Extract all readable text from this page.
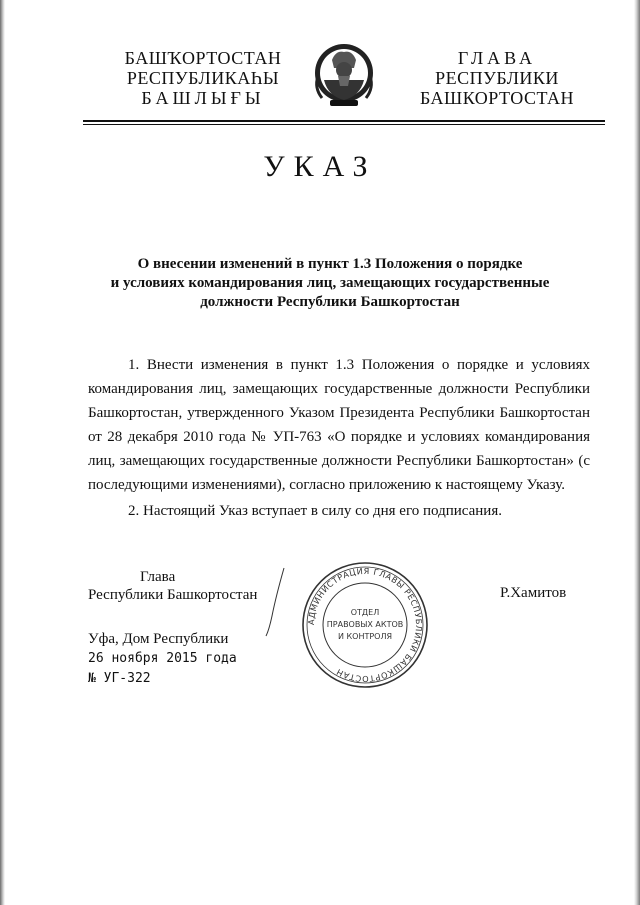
БАШҠОРТОСТАН
РЕСПУБЛИКАҺЫ
БАШЛЫҒЫ
ГЛАВА
РЕСПУБЛИКИ
БАШКОРТОСТАН
УКАЗ
О внесении изменений в пункт 1.3 Положения о порядке
и условиях командирования лиц, замещающих государственные
должности Республики Башкортостан

1. Внести изменения в пункт 1.3 Положения о порядке и условиях командирования лиц, замещающих государственные должности Республики Башкортостан, утвержденного Указом Президента Республики Башкортостан от 28 декабря 2010 года № УП-763 «О порядке и условиях командирования лиц, замещающих государственные должности Республики Башкортостан» (с последующими изменениями), согласно приложению к настоящему Указу.

2. Настоящий Указ вступает в силу со дня его подписания.

Глава
Республики Башкортостан
АДМИНИСТРАЦИЯ ГЛАВЫ РЕСПУБЛИКИ БАШКОРТОСТАН
ОТДЕЛ
ПРАВОВЫХ АКТОВ
И КОНТРОЛЯ
Р.Хамитов
Уфа, Дом Республики
26 ноября 2015 года
№ УГ-322
